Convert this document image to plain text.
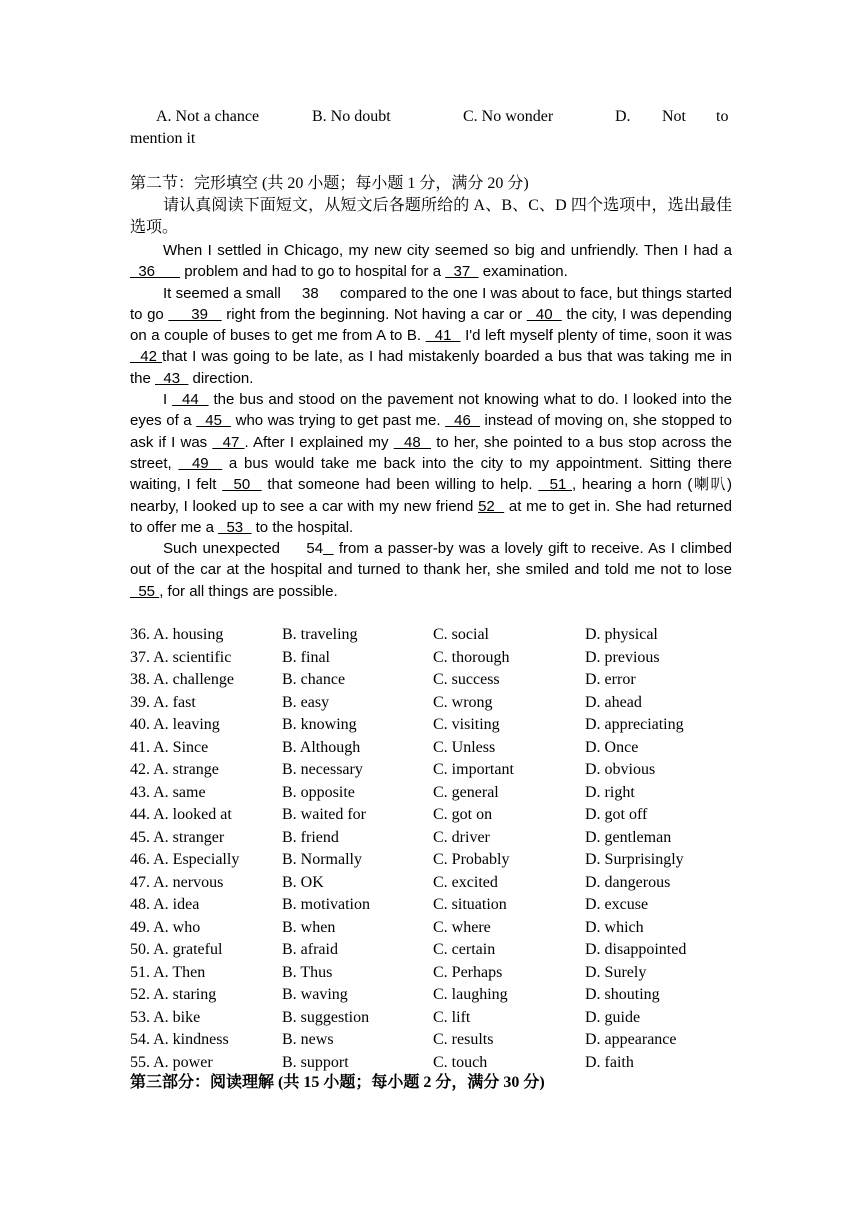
A. Not a chance	B. No doubt	C. No wonder	D. Not to
mention it
第二节：完形填空 (共 20 小题；每小题 1 分，满分 20 分)
请认真阅读下面短文，从短文后各题所给的 A、B、C、D 四个选项中，选出最佳选项。

When I settled in Chicago, my new city seemed so big and unfriendly. Then I had a   36       problem and had to go to hospital for a   37   examination.

It seemed a small     38     compared to the one I was about to face, but things started to go      39    right from the beginning. Not having a car or   40   the city, I was depending on a couple of buses to get me from A to B.   41   I'd left myself plenty of time, soon it was   42 that I was going to be late, as I had mistakenly boarded a bus that was taking me in the   43   direction.

I   44   the bus and stood on the pavement not knowing what to do. I looked into the eyes of a   45   who was trying to get past me.   46   instead of moving on, she stopped to ask if I was   47 . After I explained my   48   to her, she pointed to a bus stop across the street,   49   a bus would take me back into the city to my appointment. Sitting there waiting, I felt   50   that someone had been willing to help.   51 , hearing a horn (喇叭) nearby, I looked up to see a car with my new friend 52   at me to get in. She had returned to offer me a   53   to the hospital.

Such unexpected     54   from a passer-by was a lovely gift to receive. As I climbed out of the car at the hospital and turned to thank her, she smiled and told me not to lose   55 , for all things are possible.

36. A. housing	B. traveling	C. social	D. physical
37. A. scientific	B. final	C. thorough	D. previous
38. A. challenge	B. chance	C. success	D. error
39. A. fast	B. easy	C. wrong	D. ahead
40. A. leaving	B. knowing	C. visiting	D. appreciating
41. A. Since	B. Although	C. Unless	D. Once
42. A. strange	B. necessary	C. important	D. obvious
43. A. same	B. opposite	C. general	D. right
44. A. looked at	B. waited for	C. got on	D. got off
45. A. stranger	B. friend	C. driver	D. gentleman
46. A. Especially	B. Normally	C. Probably	D. Surprisingly
47. A. nervous	B. OK	C. excited	D. dangerous
48. A. idea	B. motivation	C. situation	D. excuse
49. A. who	B. when	C. where	D. which
50. A. grateful	B. afraid	C. certain	D. disappointed
51. A. Then	B. Thus	C. Perhaps	D. Surely
52. A. staring	B. waving	C. laughing	D. shouting
53. A. bike	B. suggestion	C. lift	D. guide
54. A. kindness	B. news	C. results	D. appearance
55. A. power	B. support	C. touch	D. faith
第三部分：阅读理解 (共 15 小题；每小题 2 分，满分 30 分)
